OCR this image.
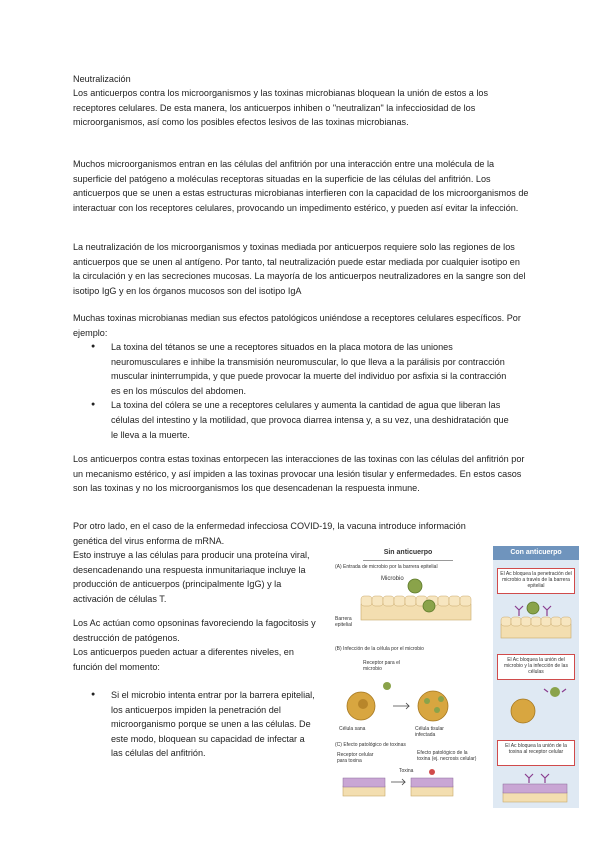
Neutralización

Los anticuerpos contra los microorganismos y las toxinas microbianas bloquean la unión de estos a los receptores celulares. De esta manera, los anticuerpos inhiben o "neutralizan" la infecciosidad de los microorganismos, así como los posibles efectos lesivos de las toxinas microbianas.

Muchos microorganismos entran en las células del anfitrión por una interacción entre una molécula de la superficie del patógeno a moléculas receptoras situadas en la superficie de las células del anfitrión. Los anticuerpos que se unen a estas estructuras microbianas interfieren con la capacidad de los microorganismos de interactuar con los receptores celulares, provocando un impedimento estérico, y pueden así evitar la infección.

La neutralización de los microorganismos y toxinas mediada por anticuerpos requiere solo las regiones de los anticuerpos que se unen al antígeno. Por tanto, tal neutralización puede estar mediada por cualquier isotipo en la circulación y en las secreciones mucosas. La mayoría de los anticuerpos neutralizadores en la sangre son del isotipo IgG y en los órganos mucosos son del isotipo IgA

Muchas toxinas microbianas median sus efectos patológicos uniéndose a receptores celulares específicos. Por ejemplo:

● La toxina del tétanos se une a receptores situados en la placa motora de las uniones neuromusculares e inhibe la transmisión neuromuscular, lo que lleva a la parálisis por contracción muscular ininterrumpida, y que puede provocar la muerte del individuo por asfixia si la contracción es en los músculos del abdomen.
● La toxina del cólera se une a receptores celulares y aumenta la cantidad de agua que liberan las células del intestino y la motilidad, que provoca diarrea intensa y, a su vez, una deshidratación que le lleva a la muerte.

Los anticuerpos contra estas toxinas entorpecen las interacciones de las toxinas con las células del anfitrión por un mecanismo estérico, y así impiden a las toxinas provocar una lesión tisular y enfermedades. En estos casos son las toxinas y no los microorganismos los que desencadenan la respuesta inmune.

Por otro lado, en el caso de la enfermedad infecciosa COVID-19, la vacuna introduce información genética del virus enforma de mRNA.

Esto instruye a las células para producir una proteína viral, desencadenando una respuesta inmunitariaque incluye la producción de anticuerpos (principalmente IgG) y la activación de células T.

Los Ac actúan como opsoninas favoreciendo la fagocitosis y destrucción de patógenos.

Los anticuerpos pueden actuar a diferentes niveles, en función del momento:

● Si el microbio intenta entrar por la barrera epitelial, los anticuerpos impiden la penetración del microorganismo porque se unen a las células. De este modo, bloquean su capacidad de infectar a las células del anfitrión.
Sin anticuerpo	Con anticuerpo
(A) Entrada de microbio por la barrera epitelial
Microbio
Barrera epitelial
(B) Infección de la célula por el microbio
Receptor para el microbio
Célula sana	Célula tisular infectada
(C) Efecto patológico de toxinas
Receptor celular para toxina
Toxina
Efecto patológico de la toxina (ej. necrosis celular)
El Ac bloquea la penetración del microbio a través de la barrera epitelial
El Ac bloquea la unión del microbio y la infección de las células
El Ac bloquea la unión de la toxina al receptor celular
